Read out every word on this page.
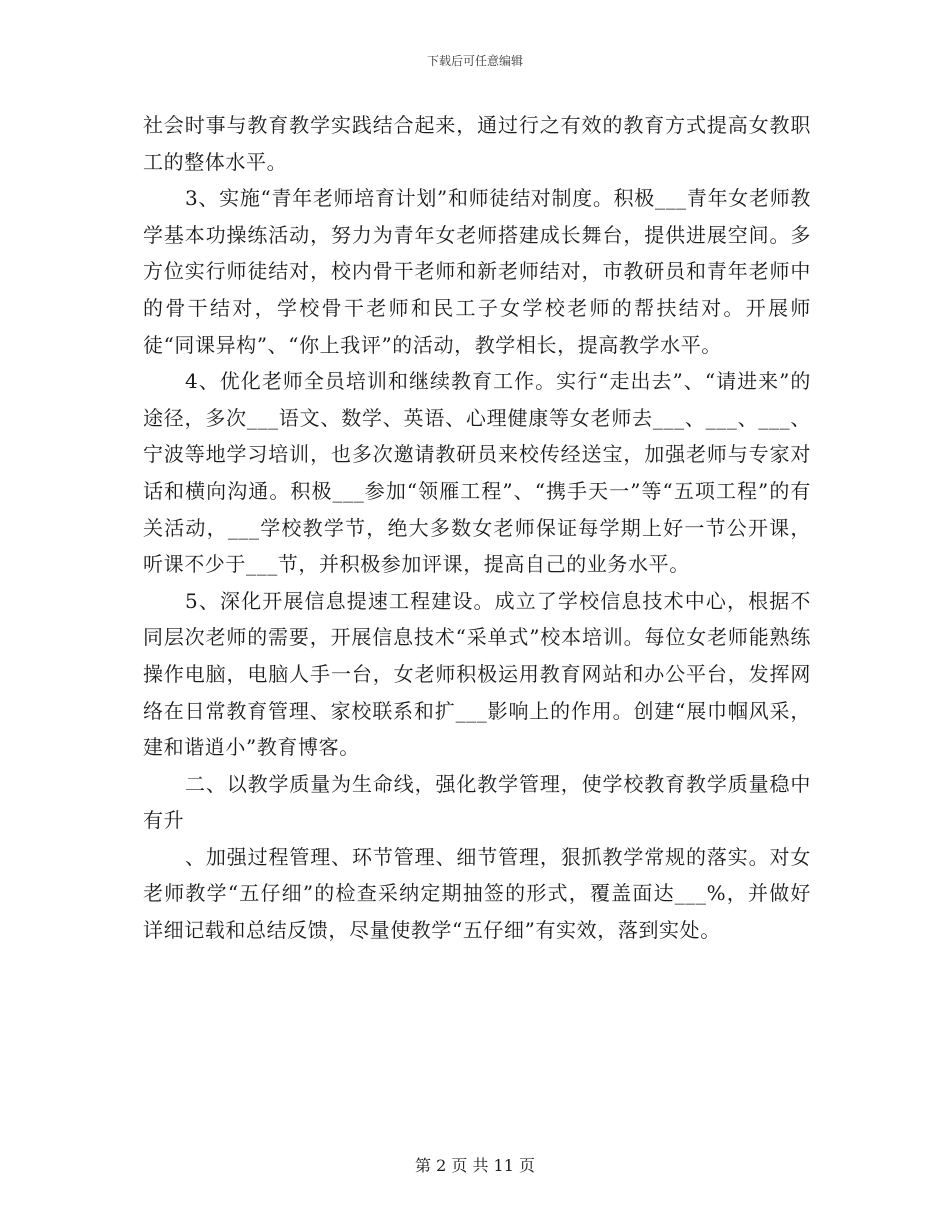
下载后可任意编辑

社会时事与教育教学实践结合起来，通过行之有效的教育方式提高女教职工的整体水平。

3、实施“青年老师培育计划”和师徒结对制度。积极___青年女老师教学基本功操练活动，努力为青年女老师搭建成长舞台，提供进展空间。多方位实行师徒结对，校内骨干老师和新老师结对，市教研员和青年老师中的骨干结对，学校骨干老师和民工子女学校老师的帮扶结对。开展师徒“同课异构”、“你上我评”的活动，教学相长，提高教学水平。

4、优化老师全员培训和继续教育工作。实行“走出去”、“请进来”的途径，多次___语文、数学、英语、心理健康等女老师去___、___、___、宁波等地学习培训，也多次邀请教研员来校传经送宝，加强老师与专家对话和横向沟通。积极___参加“领雁工程”、“携手天一”等“五项工程”的有关活动，___学校教学节，绝大多数女老师保证每学期上好一节公开课，听课不少于___节，并积极参加评课，提高自己的业务水平。

5、深化开展信息提速工程建设。成立了学校信息技术中心，根据不同层次老师的需要，开展信息技术“采单式”校本培训。每位女老师能熟练操作电脑，电脑人手一台，女老师积极运用教育网站和办公平台，发挥网络在日常教育管理、家校联系和扩___影响上的作用。创建“展巾帼风采，建和谐逍小”教育博客。

二、以教学质量为生命线，强化教学管理，使学校教育教学质量稳中有升

、加强过程管理、环节管理、细节管理，狠抓教学常规的落实。对女老师教学“五仔细”的检查采纳定期抽签的形式，覆盖面达___%，并做好详细记载和总结反馈，尽量使教学“五仔细”有实效，落到实处。

第 2 页 共 11 页
